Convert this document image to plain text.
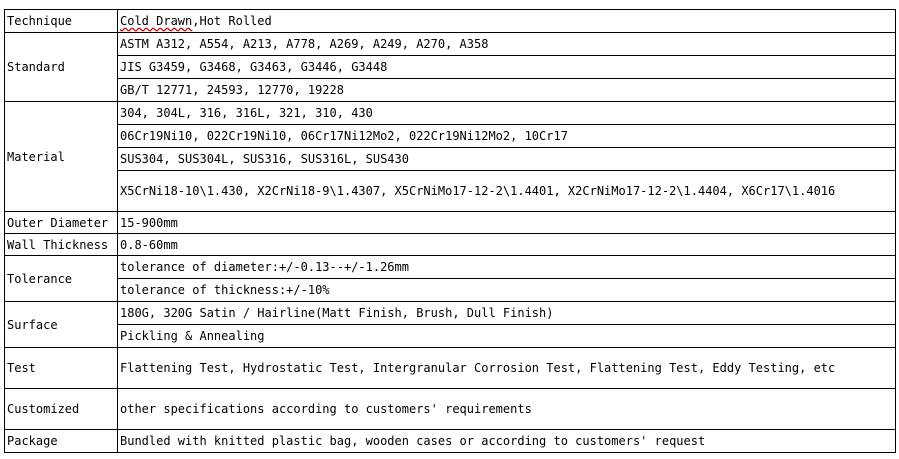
Technique	Cold Drawn,Hot Rolled
Standard	ASTM A312, A554, A213, A778, A269, A249, A270, A358
	JIS G3459, G3468, G3463, G3446, G3448
	GB/T 12771, 24593, 12770, 19228
Material	304, 304L, 316, 316L, 321, 310, 430
	06Cr19Ni10, 022Cr19Ni10, 06Cr17Ni12Mo2, 022Cr19Ni12Mo2, 10Cr17
	SUS304, SUS304L, SUS316, SUS316L, SUS430
	X5CrNi18-10\1.430, X2CrNi18-9\1.4307, X5CrNiMo17-12-2\1.4401, X2CrNiMo17-12-2\1.4404, X6Cr17\1.4016
Outer Diameter	15-900mm
Wall Thickness	0.8-60mm
Tolerance	tolerance of diameter:+/-0.13--+/-1.26mm
	tolerance of thickness:+/-10%
Surface	180G, 320G Satin / Hairline(Matt Finish, Brush, Dull Finish)
	Pickling & Annealing
Test	Flattening Test, Hydrostatic Test, Intergranular Corrosion Test, Flattening Test, Eddy Testing, etc
Customized	other specifications according to customers' requirements
Package	Bundled with knitted plastic bag, wooden cases or according to customers' request
